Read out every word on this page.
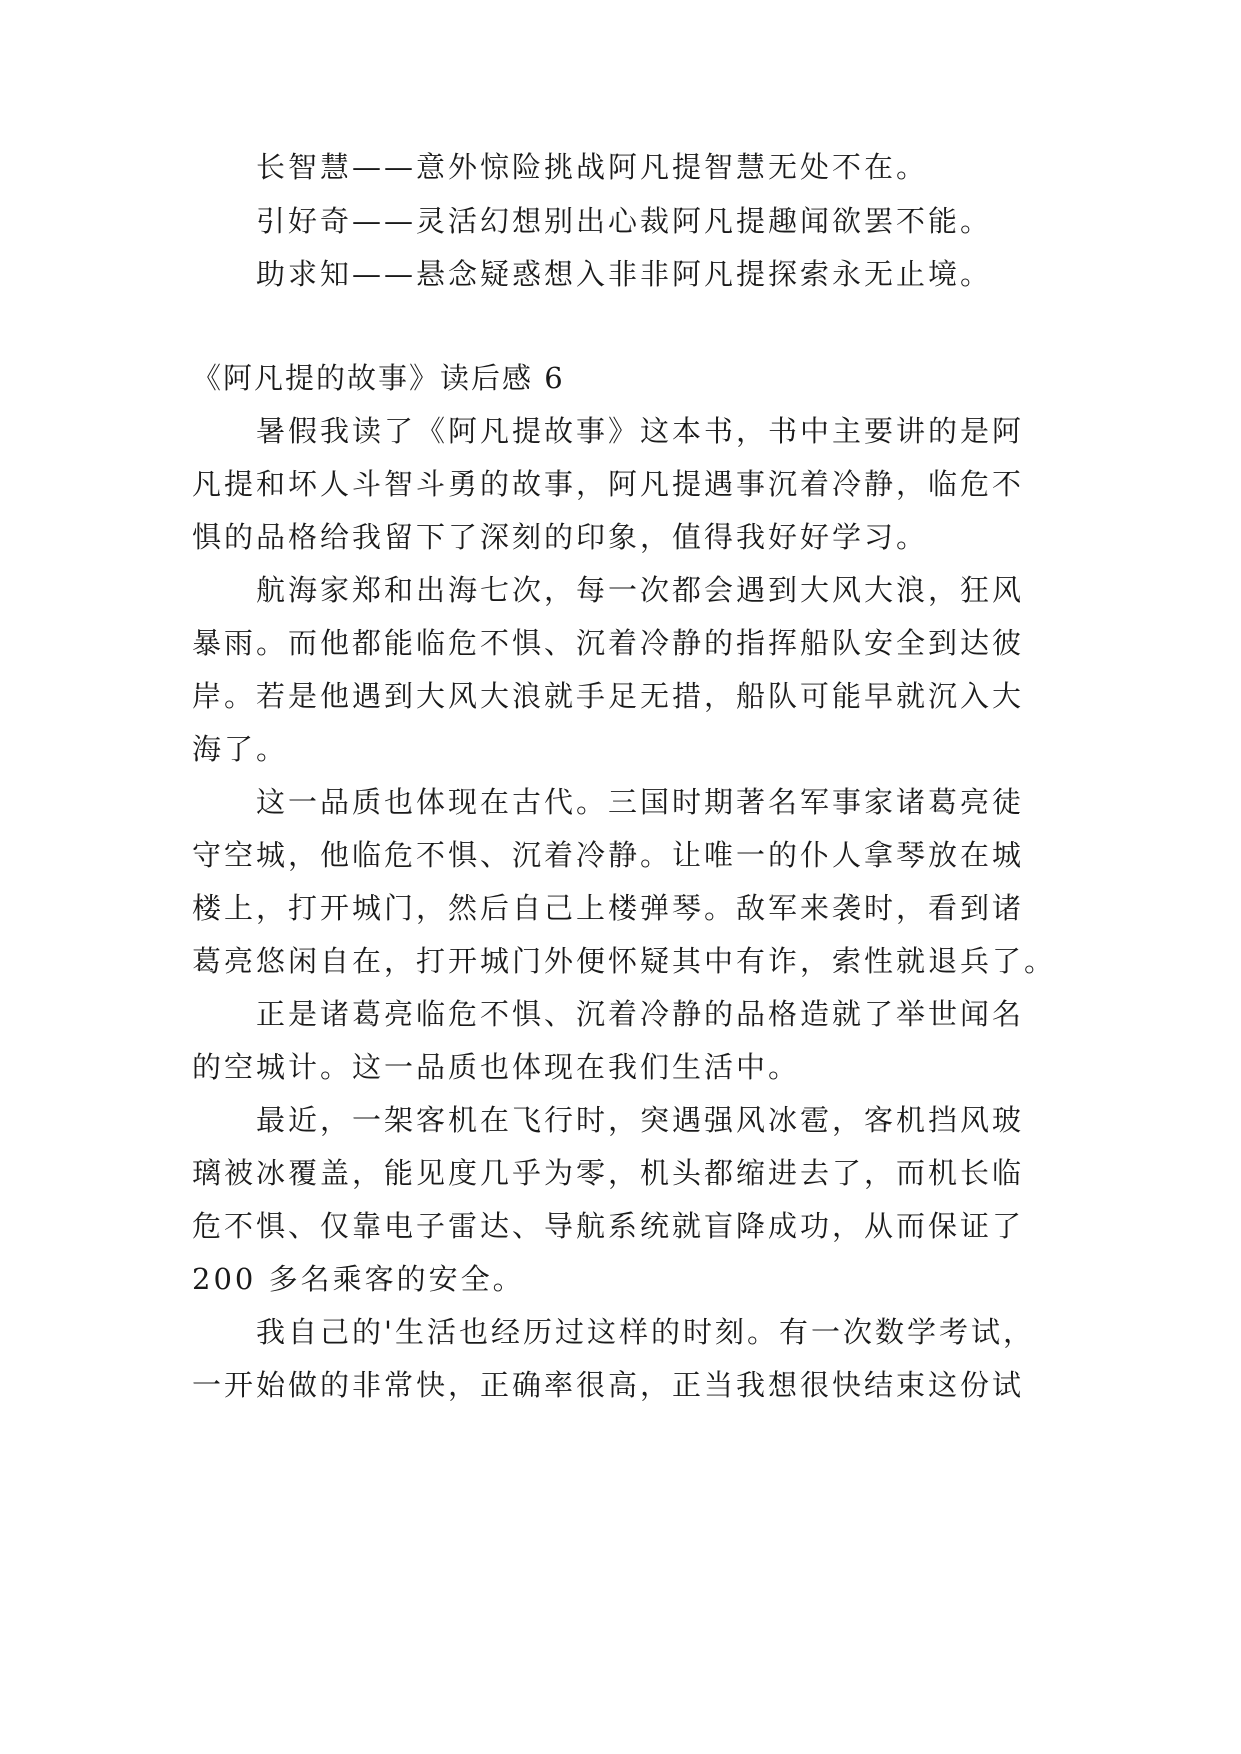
长智慧——意外惊险挑战阿凡提智慧无处不在。
引好奇——灵活幻想别出心裁阿凡提趣闻欲罢不能。
助求知——悬念疑惑想入非非阿凡提探索永无止境。
《阿凡提的故事》读后感 6
暑假我读了《阿凡提故事》这本书，书中主要讲的是阿
凡提和坏人斗智斗勇的故事，阿凡提遇事沉着冷静，临危不
惧的品格给我留下了深刻的印象，值得我好好学习。
航海家郑和出海七次，每一次都会遇到大风大浪，狂风
暴雨。而他都能临危不惧、沉着冷静的指挥船队安全到达彼
岸。若是他遇到大风大浪就手足无措，船队可能早就沉入大
海了。
这一品质也体现在古代。三国时期著名军事家诸葛亮徒
守空城，他临危不惧、沉着冷静。让唯一的仆人拿琴放在城
楼上，打开城门，然后自己上楼弹琴。敌军来袭时，看到诸
葛亮悠闲自在，打开城门外便怀疑其中有诈，索性就退兵了。
正是诸葛亮临危不惧、沉着冷静的品格造就了举世闻名
的空城计。这一品质也体现在我们生活中。
最近，一架客机在飞行时，突遇强风冰雹，客机挡风玻
璃被冰覆盖，能见度几乎为零，机头都缩进去了，而机长临
危不惧、仅靠电子雷达、导航系统就盲降成功，从而保证了
200 多名乘客的安全。
我自己的'生活也经历过这样的时刻。有一次数学考试，
一开始做的非常快，正确率很高，正当我想很快结束这份试
